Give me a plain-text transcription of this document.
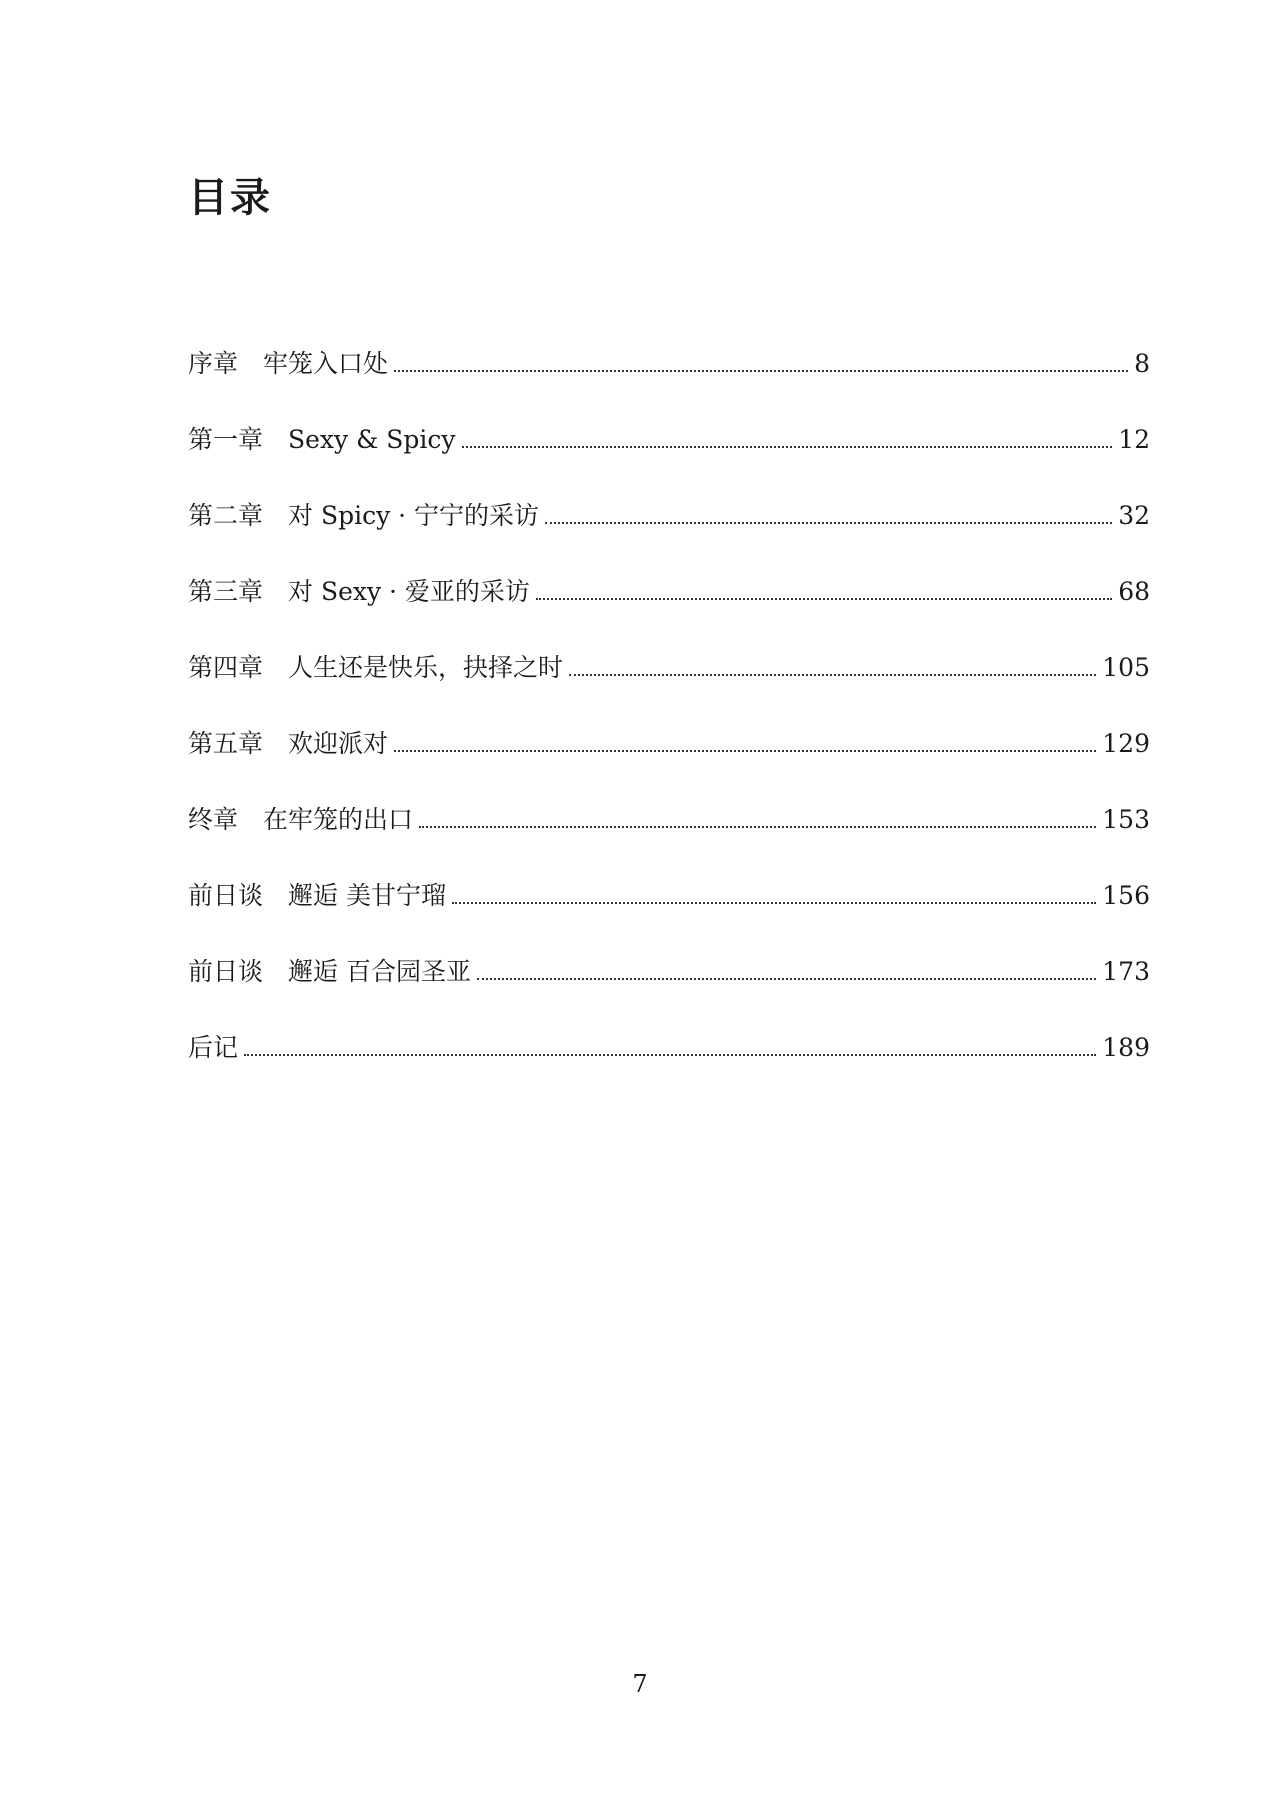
目录
序章　牢笼入口处	8
第一章　Sexy & Spicy	12
第二章　对 Spicy · 宁宁的采访	32
第三章　对 Sexy · 爱亚的采访	68
第四章　人生还是快乐，抉择之时	105
第五章　欢迎派对	129
终章　在牢笼的出口	153
前日谈　邂逅 美甘宁瑠	156
前日谈　邂逅 百合园圣亚	173
后记	189
7
